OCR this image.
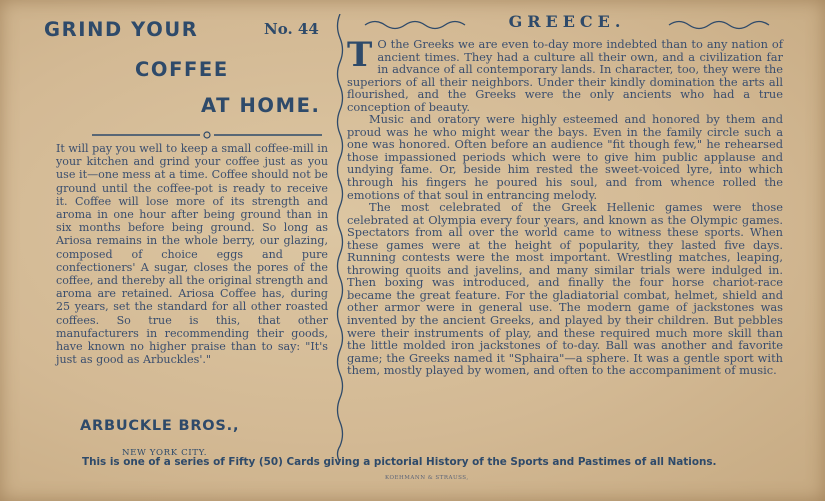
GRIND YOUR	No. 44
COFFEE
AT HOME.
It will pay you well to keep a small coffee-mill in your kitchen and grind your coffee just as you use it—one mess at a time. Coffee should not be ground until the coffee-pot is ready to receive it. Coffee will lose more of its strength and aroma in one hour after being ground than in six months before being ground. So long as Ariosa remains in the whole berry, our glazing, composed of choice eggs and pure confectioners' A sugar, closes the pores of the coffee, and thereby all the original strength and aroma are retained. Ariosa Coffee has, during 25 years, set the standard for all other roasted coffees. So true is this, that other manufacturers in recommending their goods, have known no higher praise than to say: "It's just as good as Arbuckles'."
ARBUCKLE BROS.,
NEW YORK CITY.
GREECE.

T O the Greeks we are even to-day more indebted than to any nation of ancient times. They had a culture all their own, and a civilization far in advance of all contemporary lands. In character, too, they were the superiors of all their neighbors. Under their kindly domination the arts all flourished, and the Greeks were the only ancients who had a true conception of beauty.

Music and oratory were highly esteemed and honored by them and proud was he who might wear the bays. Even in the family circle such a one was honored. Often before an audience "fit though few," he rehearsed those impassioned periods which were to give him public applause and undying fame. Or, beside him rested the sweet-voiced lyre, into which through his fingers he poured his soul, and from whence rolled the emotions of that soul in entrancing melody.

The most celebrated of the Greek Hellenic games were those celebrated at Olympia every four years, and known as the Olympic games. Spectators from all over the world came to witness these sports. When these games were at the height of popularity, they lasted five days. Running contests were the most important. Wrestling matches, leaping, throwing quoits and javelins, and many similar trials were indulged in. Then boxing was introduced, and finally the four horse chariot-race became the great feature. For the gladiatorial combat, helmet, shield and other armor were in general use. The modern game of jackstones was invented by the ancient Greeks, and played by their children. But pebbles were their instruments of play, and these required much more skill than the little molded iron jackstones of to-day. Ball was another and favorite game; the Greeks named it "Sphaira"—a sphere. It was a gentle sport with them, mostly played by women, and often to the accompaniment of music.

This is one of a series of Fifty (50) Cards giving a pictorial History of the Sports and Pastimes of all Nations.
KOEHMANN & STRAUSS,
